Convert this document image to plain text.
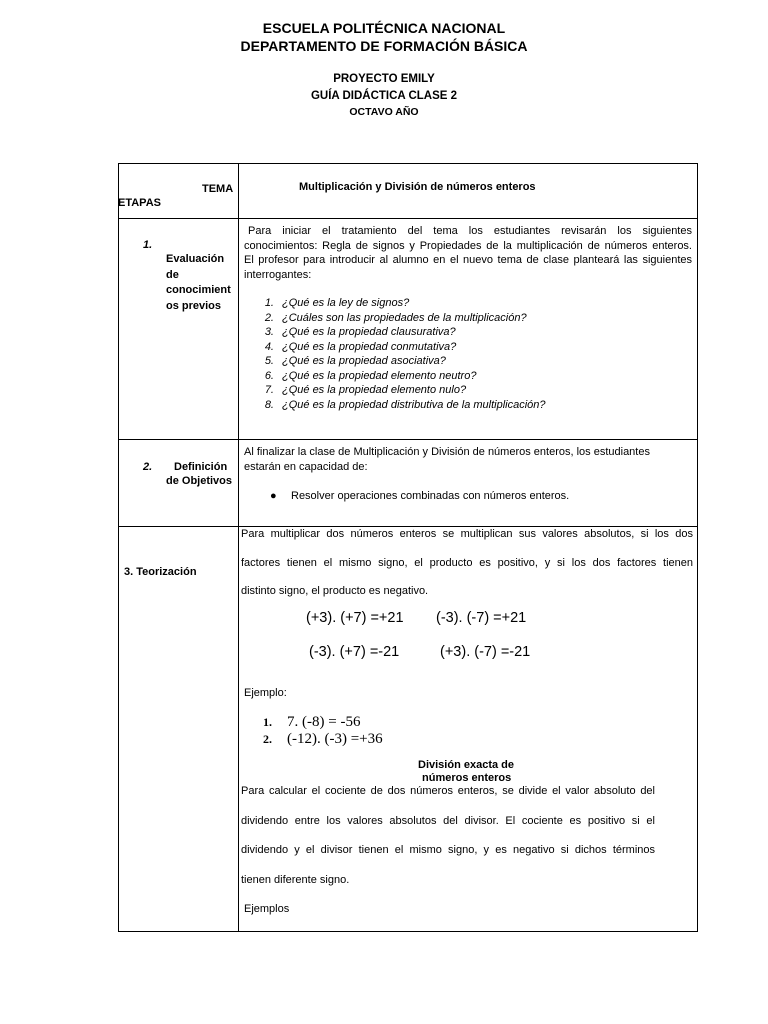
ESCUELA POLITÉCNICA NACIONAL
DEPARTAMENTO DE FORMACIÓN BÁSICA
PROYECTO EMILY
GUÍA DIDÁCTICA CLASE 2
OCTAVO AÑO
TEMA
ETAPAS
Multiplicación y División de números enteros
1.
Evaluación
de
conocimient
os previos
Para iniciar el tratamiento del tema los estudiantes revisarán los siguientes
conocimientos: Regla de signos y Propiedades de la multiplicación de números enteros.
El profesor para introducir al alumno en el nuevo tema de clase planteará las siguientes
interrogantes:
1. ¿Qué es la ley de signos?
2. ¿Cuáles son las propiedades de la multiplicación?
3. ¿Qué es la propiedad clausurativa?
4. ¿Qué es la propiedad conmutativa?
5. ¿Qué es la propiedad asociativa?
6. ¿Qué es la propiedad elemento neutro?
7. ¿Qué es la propiedad elemento nulo?
8. ¿Qué es la propiedad distributiva de la multiplicación?
2. Definición
de Objetivos
Al finalizar la clase de Multiplicación y División de números enteros, los estudiantes
estarán en capacidad de:
● Resolver operaciones combinadas con números enteros.
3. Teorización
Para multiplicar dos números enteros se multiplican sus valores absolutos, si los dos
factores tienen el mismo signo, el producto es positivo, y si los dos factores tienen
distinto signo, el producto es negativo.
(+3). (+7) =+21 (-3). (-7) =+21
(-3). (+7) =-21	(+3). (-7) =-21
Ejemplo:
1. 7. (-8) = -56
2. (-12). (-3) =+36
División exacta de
números enteros
Para calcular el cociente de dos números enteros, se divide el valor absoluto del
dividendo entre los valores absolutos del divisor. El cociente es positivo si el
dividendo y el divisor tienen el mismo signo, y es negativo si dichos términos
tienen diferente signo.
Ejemplos
